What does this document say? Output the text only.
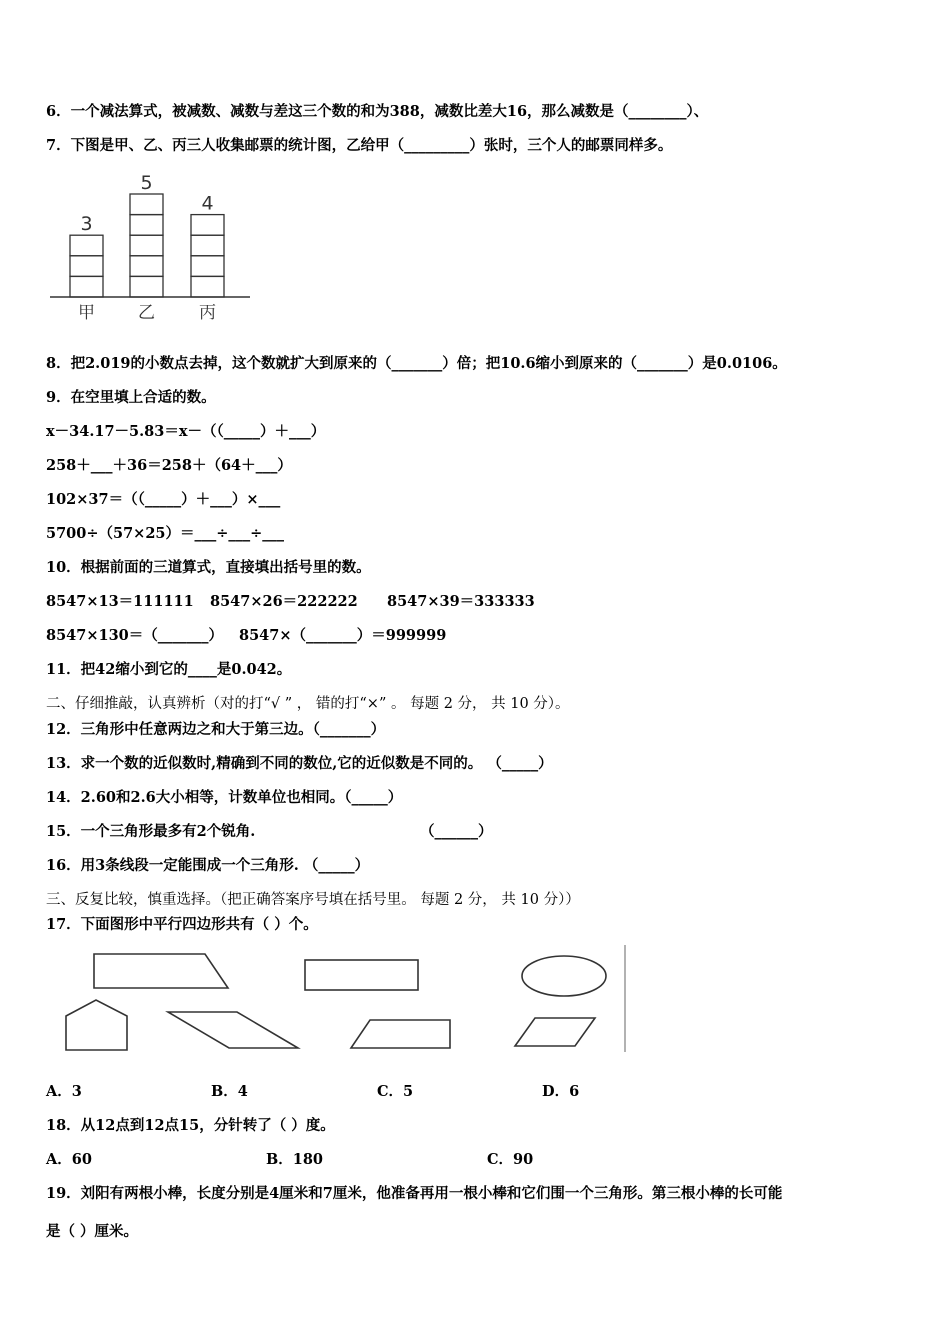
6．一个减法算式，被减数、减数与差这三个数的和为388，减数比差大16，那么减数是（________）、
7．下图是甲、乙、丙三人收集邮票的统计图，乙给甲（_________）张时，三个人的邮票同样多。
3
甲
5
乙
4
丙
8．把2.019的小数点去掉，这个数就扩大到原来的（_______）倍；把10.6缩小到原来的（_______）是0.0106。
9．在空里填上合适的数。
x－34.17－5.83＝x－（（_____）＋___）
258＋___＋36＝258＋（64＋___）
102×37＝（（_____）＋___）×___
5700÷（57×25）＝___÷___÷___
10．根据前面的三道算式，直接填出括号里的数。
8547×13＝111111 8547×26＝222222 8547×39＝333333
8547×130＝（_______） 8547×（_______）＝999999
11．把42缩小到它的____是0.042。
二、仔细推敲，认真辨析（对的打“√ ” ， 错的打“×” 。 每题 2 分， 共 10 分）。
12．三角形中任意两边之和大于第三边。（_______）
13．求一个数的近似数时,精确到不同的数位,它的近似数是不同的。 （_____）
14．2.60和2.6大小相等，计数单位也相同。（_____）
15．一个三角形最多有2个锐角.	（______）
16．用3条线段一定能围成一个三角形. （_____）
三、反复比较，慎重选择。（把正确答案序号填在括号里。 每题 2 分， 共 10 分））
17．下面图形中平行四边形共有（ ）个。
A．3	B．4	C．5	D．6
18．从12点到12点15，分针转了（ ）度。
A．60	B．180	C．90
19．刘阳有两根小棒，长度分别是4厘米和7厘米，他准备再用一根小棒和它们围一个三角形。第三根小棒的长可能
是（ ）厘米。
